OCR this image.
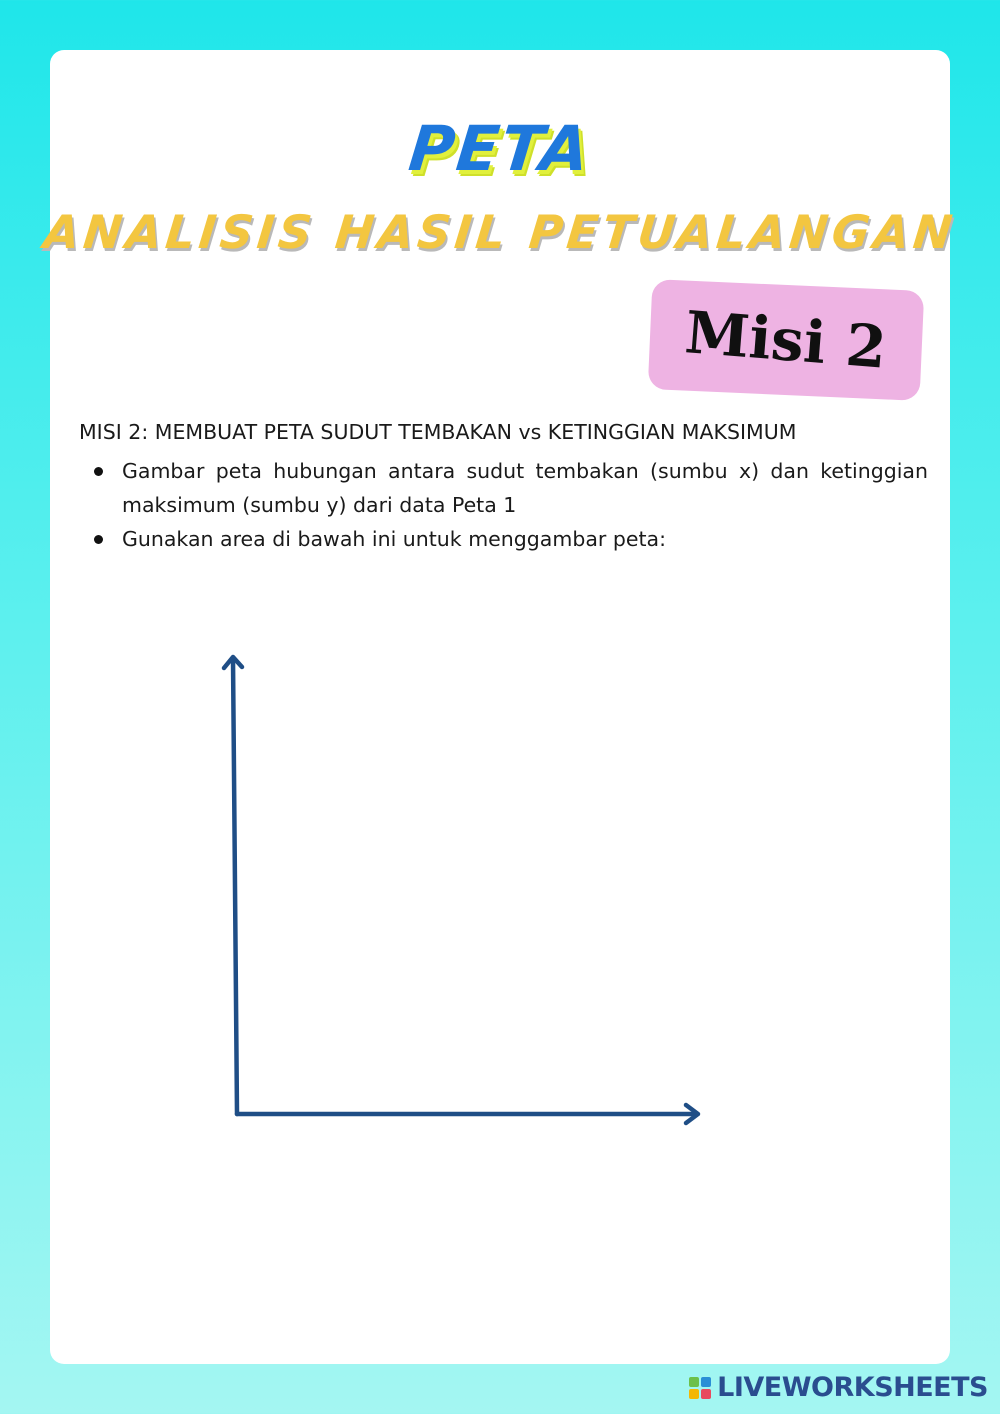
PETA
ANALISIS HASIL PETUALANGAN
Misi 2
MISI 2: MEMBUAT PETA SUDUT TEMBAKAN vs KETINGGIAN MAKSIMUM
Gambar peta hubungan antara sudut tembakan (sumbu x) dan ketinggian maksimum (sumbu y) dari data Peta 1
Gunakan area di bawah ini untuk menggambar peta:
LIVEWORKSHEETS
